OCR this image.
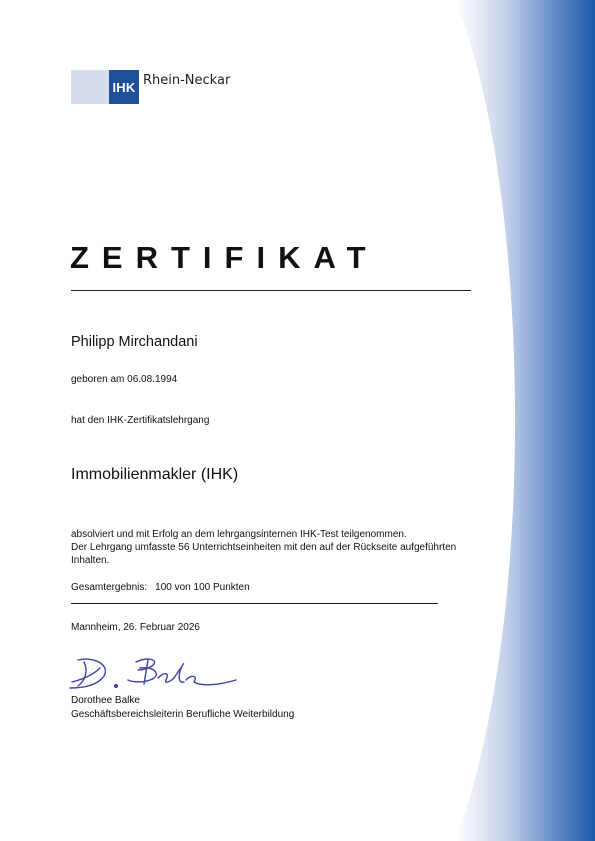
IHK Rhein-Neckar
ZERTIFIKAT
Philipp Mirchandani
geboren am 06.08.1994
hat den IHK-Zertifikatslehrgang
Immobilienmakler (IHK)
absolviert und mit Erfolg an dem lehrgangsinternen IHK-Test teilgenommen.
Der Lehrgang umfasste 56 Unterrichtseinheiten mit den auf der Rückseite aufgeführten Inhalten.
Gesamtergebnis: 100 von 100 Punkten
Mannheim, 26. Februar 2026
Dorothee Balke
Geschäftsbereichsleiterin Berufliche Weiterbildung
